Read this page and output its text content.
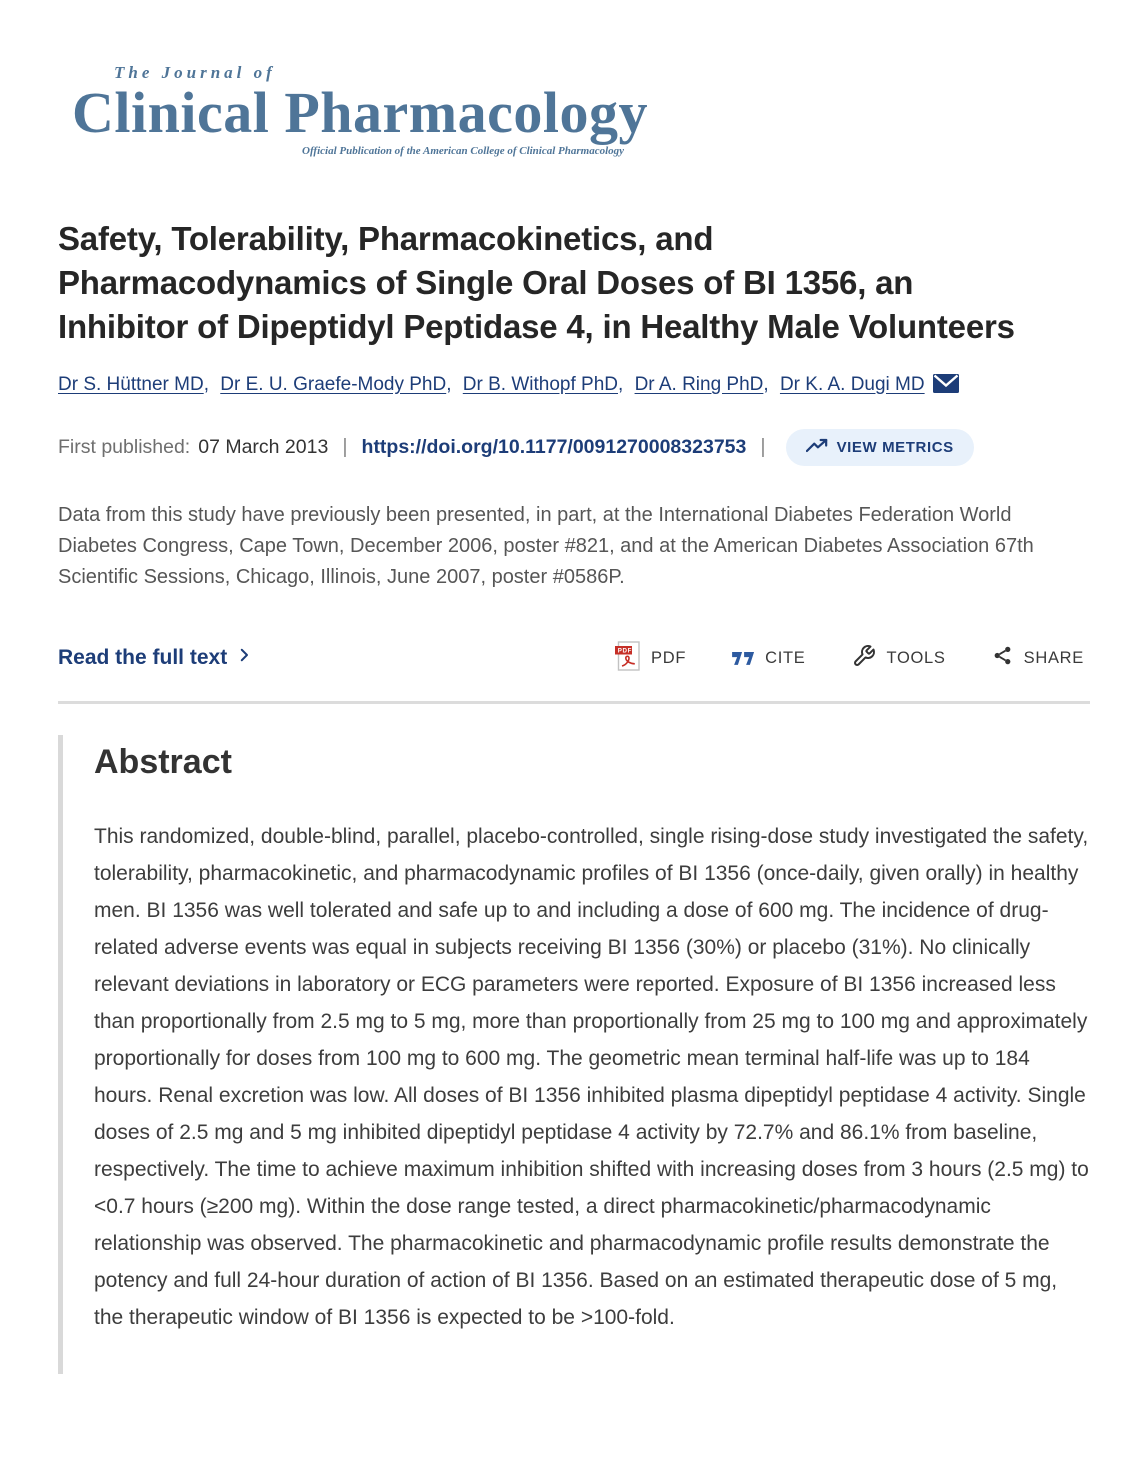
The Journal of
Clinical Pharmacology
Official Publication of the American College of Clinical Pharmacology
Safety, Tolerability, Pharmacokinetics, and
Pharmacodynamics of Single Oral Doses of BI 1356, an
Inhibitor of Dipeptidyl Peptidase 4, in Healthy Male Volunteers
Dr S. Hüttner MD, Dr E. U. Graefe-Mody PhD, Dr B. Withopf PhD, Dr A. Ring PhD, Dr K. A. Dugi MD
First published: 07 March 2013 | https://doi.org/10.1177/0091270008323753 |	VIEW METRICS

Data from this study have previously been presented, in part, at the International Diabetes Federation World Diabetes Congress, Cape Town, December 2006, poster #821, and at the American Diabetes Association 67th Scientific Sessions, Chicago, Illinois, June 2007, poster #0586P.

Read the full text	PDF PDF	CITE	TOOLS	SHARE
Abstract

This randomized, double-blind, parallel, placebo-controlled, single rising-dose study investigated the safety, tolerability, pharmacokinetic, and pharmacodynamic profiles of BI 1356 (once-daily, given orally) in healthy men. BI 1356 was well tolerated and safe up to and including a dose of 600 mg. The incidence of drug-related adverse events was equal in subjects receiving BI 1356 (30%) or placebo (31%). No clinically relevant deviations in laboratory or ECG parameters were reported. Exposure of BI 1356 increased less than proportionally from 2.5 mg to 5 mg, more than proportionally from 25 mg to 100 mg and approximately proportionally for doses from 100 mg to 600 mg. The geometric mean terminal half-life was up to 184 hours. Renal excretion was low. All doses of BI 1356 inhibited plasma dipeptidyl peptidase 4 activity. Single doses of 2.5 mg and 5 mg inhibited dipeptidyl peptidase 4 activity by 72.7% and 86.1% from baseline, respectively. The time to achieve maximum inhibition shifted with increasing doses from 3 hours (2.5 mg) to <0.7 hours (≥200 mg). Within the dose range tested, a direct pharmacokinetic/pharmacodynamic relationship was observed. The pharmacokinetic and pharmacodynamic profile results demonstrate the potency and full 24-hour duration of action of BI 1356. Based on an estimated therapeutic dose of 5 mg, the therapeutic window of BI 1356 is expected to be >100-fold.
